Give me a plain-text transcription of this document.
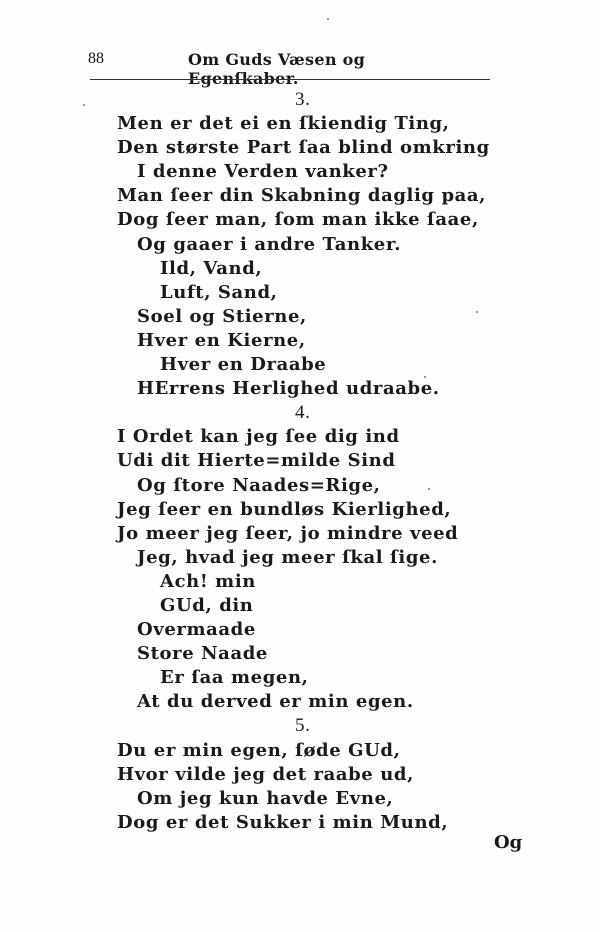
88	Om Guds Væsen og Egenſkaber.
3.
Men er det ei en ſkiendig Ting,
Den største Part ſaa blind omkring
I denne Verden vanker?
Man ſeer din Skabning daglig paa,
Dog ſeer man, ſom man ikke ſaae,
Og gaaer i andre Tanker.
Ild, Vand,
Luft, Sand,
Soel og Stierne,
Hver en Kierne,
Hver en Draabe
HErrens Herlighed udraabe.
4.
I Ordet kan jeg ſee dig ind
Udi dit Hierte=milde Sind
Og ſtore Naades=Rige,
Jeg ſeer en bundløs Kierlighed,
Jo meer jeg ſeer, jo mindre veed
Jeg, hvad jeg meer ſkal ſige.
Ach! min
GUd, din
Overmaade
Store Naade
Er ſaa megen,
At du derved er min egen.
5.
Du er min egen, ſøde GUd,
Hvor vilde jeg det raabe ud,
Om jeg kun havde Evne,
Dog er det Sukker i min Mund,
Og
